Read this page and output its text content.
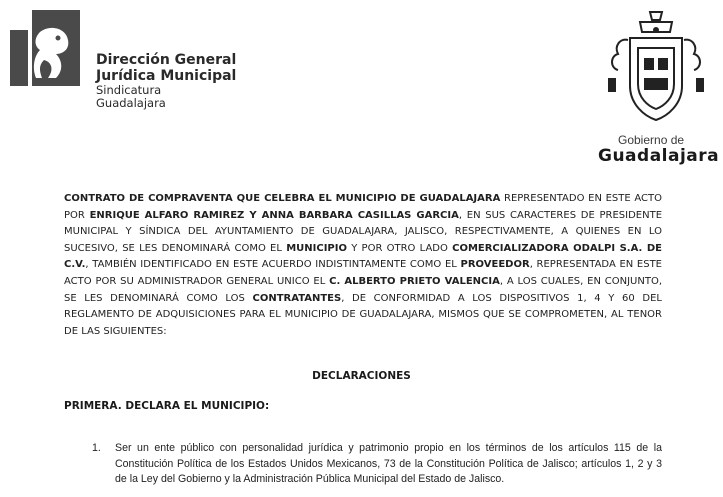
Dirección General
Jurídica Municipal
Sindicatura
Guadalajara
Gobierno de
Guadalajara
CONTRATO DE COMPRAVENTA QUE CELEBRA EL MUNICIPIO DE GUADALAJARA REPRESENTADO EN ESTE ACTO POR ENRIQUE ALFARO RAMIREZ Y ANNA BARBARA CASILLAS GARCIA, EN SUS CARACTERES DE PRESIDENTE MUNICIPAL Y SÍNDICA DEL AYUNTAMIENTO DE GUADALAJARA, JALISCO, RESPECTIVAMENTE, A QUIENES EN LO SUCESIVO, SE LES DENOMINARÁ COMO EL MUNICIPIO Y POR OTRO LADO COMERCIALIZADORA ODALPI S.A. DE C.V., TAMBIÉN IDENTIFICADO EN ESTE ACUERDO INDISTINTAMENTE COMO EL PROVEEDOR, REPRESENTADA EN ESTE ACTO POR SU ADMINISTRADOR GENERAL UNICO EL C. ALBERTO PRIETO VALENCIA, A LOS CUALES, EN CONJUNTO, SE LES DENOMINARÁ COMO LOS CONTRATANTES, DE CONFORMIDAD A LOS DISPOSITIVOS 1, 4 Y 60 DEL REGLAMENTO DE ADQUISICIONES PARA EL MUNICIPIO DE GUADALAJARA, MISMOS QUE SE COMPROMETEN, AL TENOR DE LAS SIGUIENTES:
DECLARACIONES
PRIMERA. DECLARA EL MUNICIPIO:
1. Ser un ente público con personalidad jurídica y patrimonio propio en los términos de los artículos 115 de la Constitución Política de los Estados Unidos Mexicanos, 73 de la Constitución Política de Jalisco; artículos 1, 2 y 3 de la Ley del Gobierno y la Administración Pública Municipal del Estado de Jalisco.
